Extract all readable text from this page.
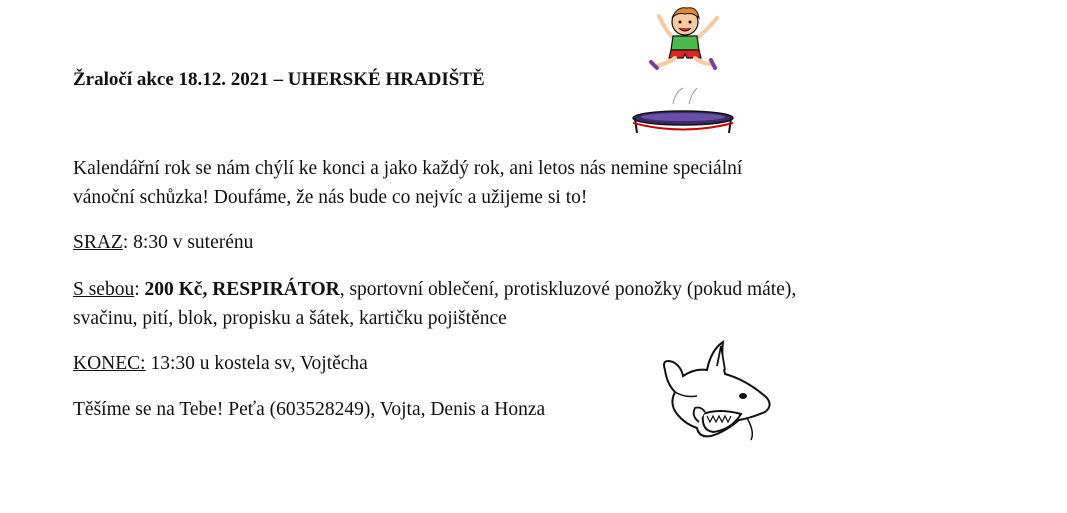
Žraločí akce 18.12. 2021 – UHERSKÉ HRADIŠTĚ

Kalendářní rok se nám chýlí ke konci a jako každý rok, ani letos nás nemine speciální

vánoční schůzka! Doufáme, že nás bude co nejvíc a užijeme si to!

SRAZ: 8:30 v suterénu

S sebou: 200 Kč, RESPIRÁTOR, sportovní oblečení, protiskluzové ponožky (pokud máte),

svačinu, pití, blok, propisku a šátek, kartičku pojištěnce

KONEC: 13:30 u kostela sv, Vojtěcha

Těšíme se na Tebe! Peťa (603528249), Vojta, Denis a Honza
